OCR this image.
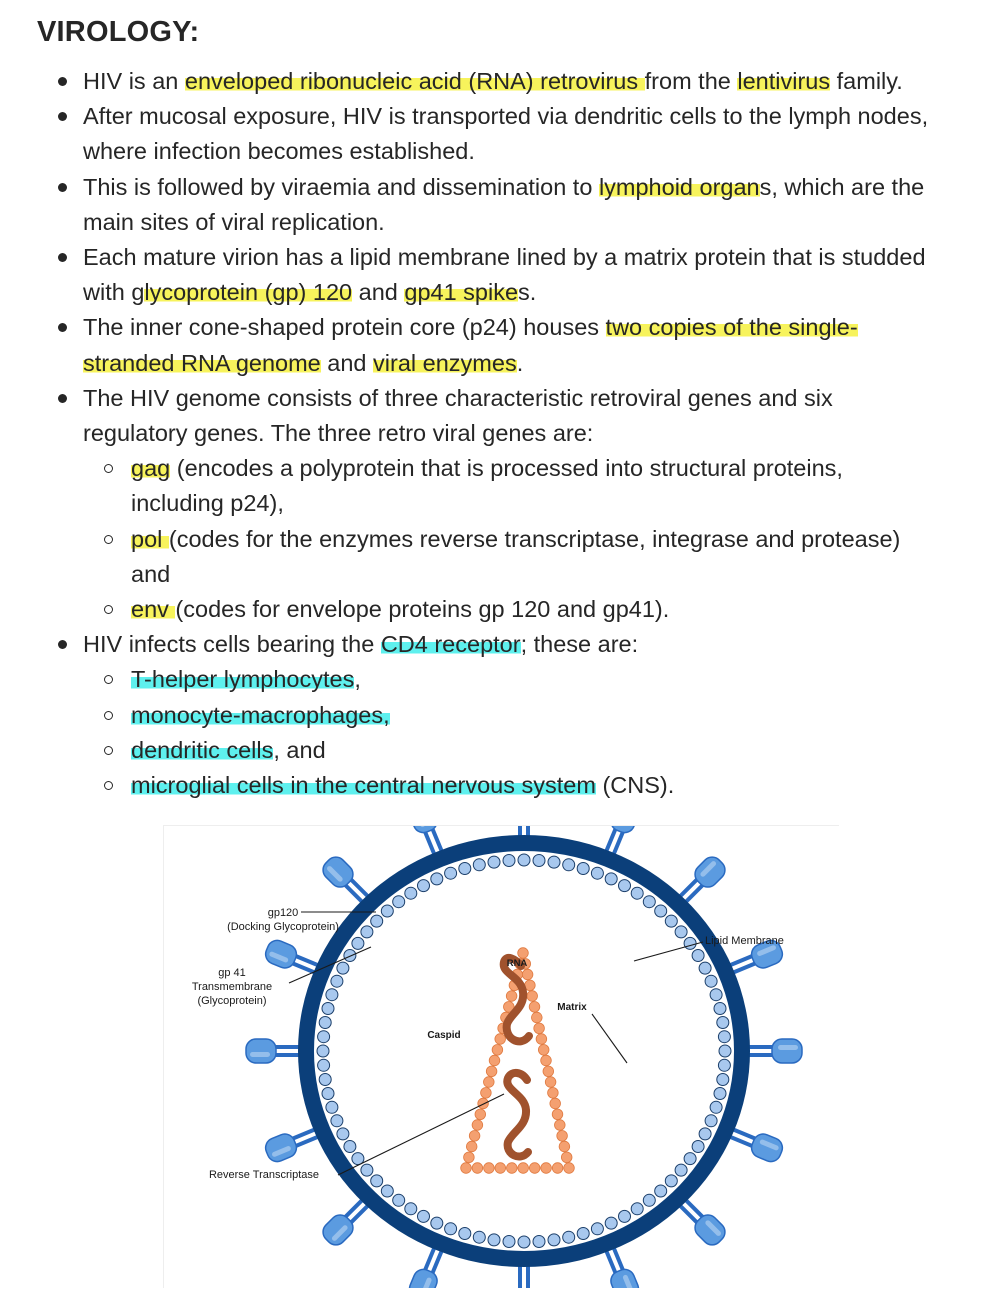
VIROLOGY:
HIV is an enveloped ribonucleic acid (RNA) retrovirus from the lentivirus family.
After mucosal exposure, HIV is transported via dendritic cells to the lymph nodes,
where infection becomes established.
This is followed by viraemia and dissemination to lymphoid organs, which are the
main sites of viral replication.
Each mature virion has a lipid membrane lined by a matrix protein that is studded
with glycoprotein (gp) 120 and gp41 spikes.
The inner cone-shaped protein core (p24) houses two copies of the single-
stranded RNA genome and viral enzymes.
The HIV genome consists of three characteristic retroviral genes and six
regulatory genes. The three retro viral genes are:
gag (encodes a polyprotein that is processed into structural proteins,
including p24),
pol (codes for the enzymes reverse transcriptase, integrase and protease)
and
env (codes for envelope proteins gp 120 and gp41).
HIV infects cells bearing the CD4 receptor; these are:
T-helper lymphocytes,
monocyte-macrophages,
dendritic cells, and
microglial cells in the central nervous system (CNS).
gp120
(Docking Glycoprotein)
gp 41
Transmembrane
(Glycoprotein)
Lipid Membrane
RNA
Matrix
Caspid
Reverse Transcriptase
